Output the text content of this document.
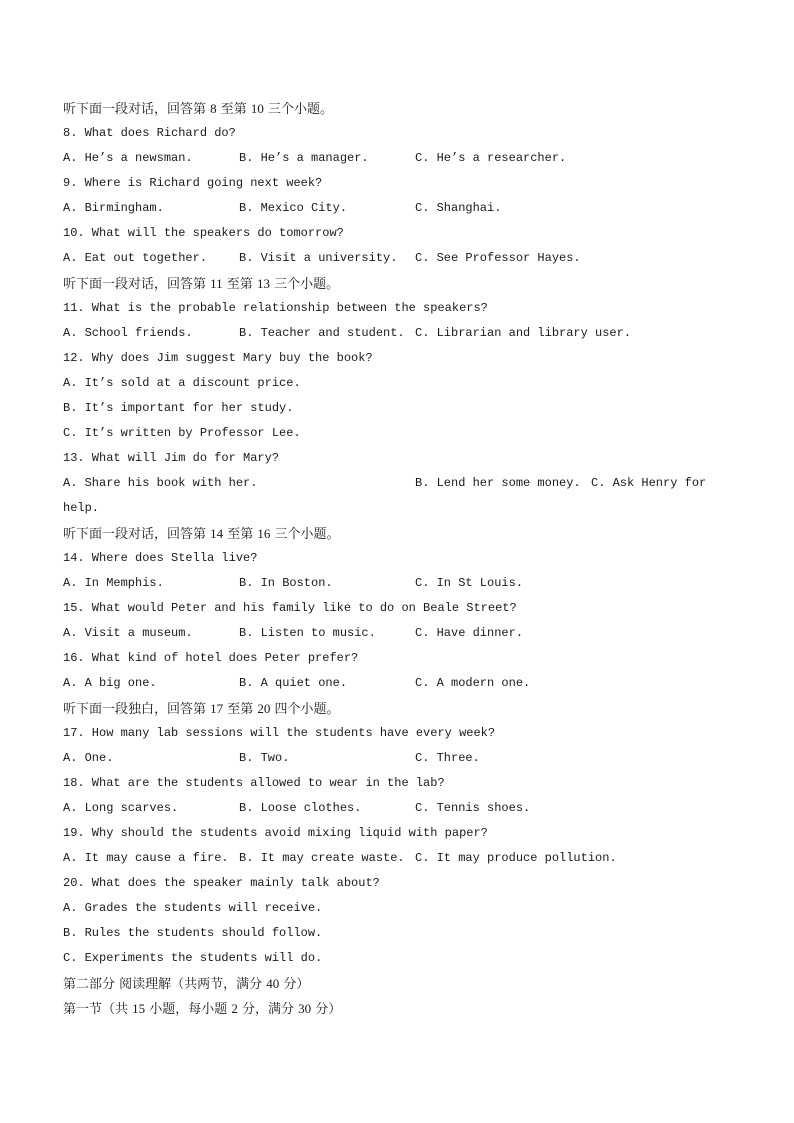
听下面一段对话，回答第 8 至第 10 三个小题。
8. What does Richard do?
A. He’s a newsman.	B. He’s a manager.	C. He’s a researcher.
9. Where is Richard going next week?
A. Birmingham.	B. Mexico City.	C. Shanghai.
10. What will the speakers do tomorrow?
A. Eat out together.	B. Visit a university. C. See Professor Hayes.
听下面一段对话，回答第 11 至第 13 三个小题。
11. What is the probable relationship between the speakers?
A. School friends.	B. Teacher and student. C. Librarian and library user.
12. Why does Jim suggest Mary buy the book?
A. It’s sold at a discount price.
B. It’s important for her study.
C. It’s written by Professor Lee.
13. What will Jim do for Mary?
A. Share his book with her.	B. Lend her some money. C. Ask Henry for
help.
听下面一段对话，回答第 14 至第 16 三个小题。
14. Where does Stella live?
A. In Memphis.	B. In Boston.	C. In St Louis.
15. What would Peter and his family like to do on Beale Street?
A. Visit a museum.	B. Listen to music.	C. Have dinner.
16. What kind of hotel does Peter prefer?
A. A big one.	B. A quiet one.	C. A modern one.
听下面一段独白，回答第 17 至第 20 四个小题。
17. How many lab sessions will the students have every week?
A. One.	B. Two.	C. Three.
18. What are the students allowed to wear in the lab?
A. Long scarves.	B. Loose clothes.	C. Tennis shoes.
19. Why should the students avoid mixing liquid with paper?
A. It may cause a fire. B. It may create waste. C. It may produce pollution.
20. What does the speaker mainly talk about?
A. Grades the students will receive.
B. Rules the students should follow.
C. Experiments the students will do.
第二部分 阅读理解（共两节，满分 40 分）
第一节（共 15 小题，每小题 2 分，满分 30 分）
